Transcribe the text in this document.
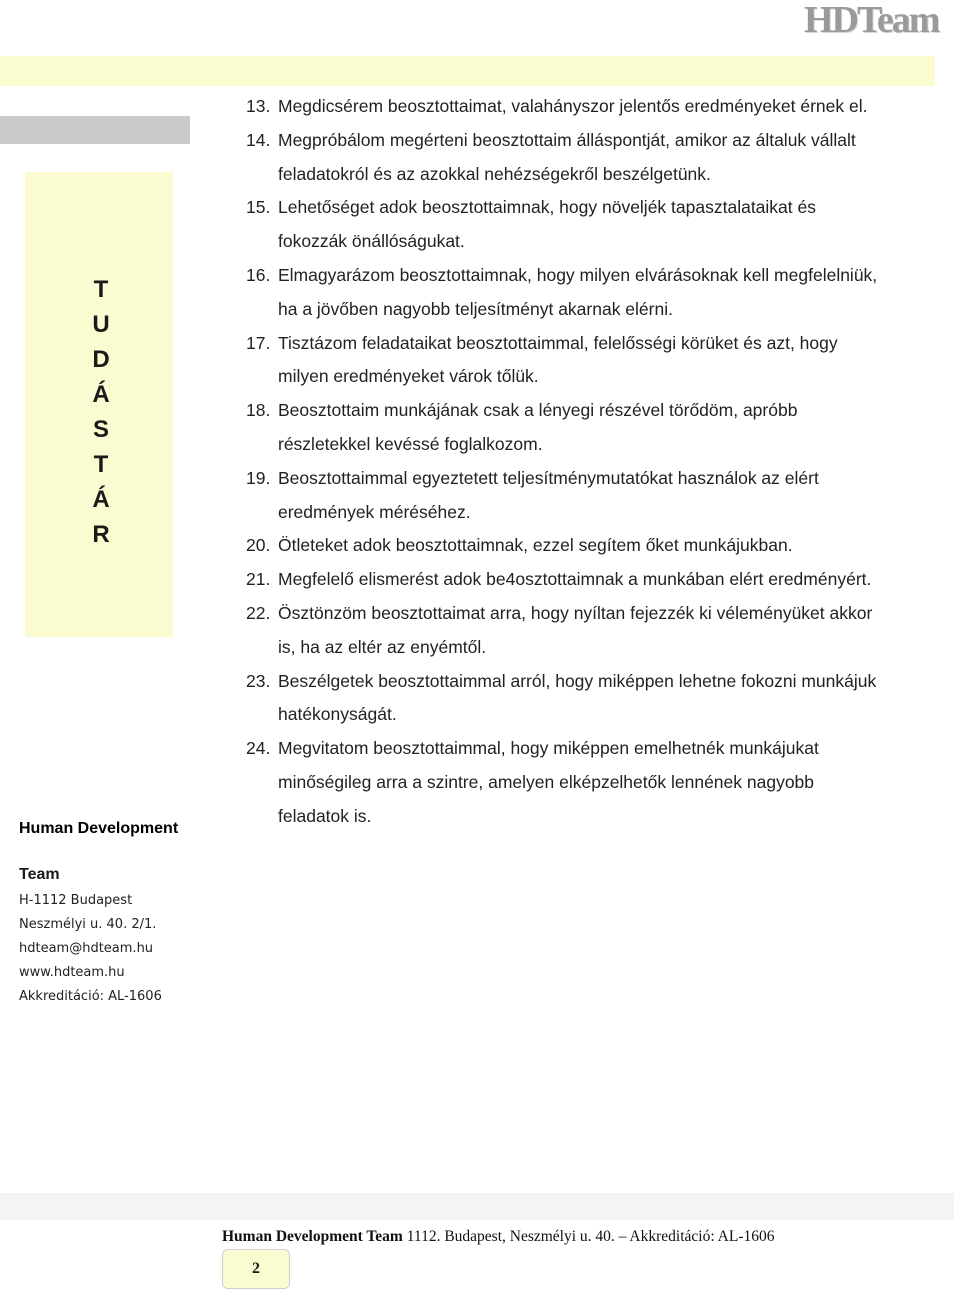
HDTeam
T
U
D
Á
S
T
Á
R
Human Development
Team
H-1112 Budapest
Neszmélyi u. 40. 2/1.
hdteam@hdteam.hu
www.hdteam.hu
Akkreditáció: AL-1606
13. Megdicsérem beosztottaimat, valahányszor jelentős eredményeket érnek el.
14. Megpróbálom megérteni beosztottaim álláspontját, amikor az általuk vállalt feladatokról és az azokkal nehézségekről beszélgetünk.
15. Lehetőséget adok beosztottaimnak, hogy növeljék tapasztalataikat és fokozzák önállóságukat.
16. Elmagyarázom beosztottaimnak, hogy milyen elvárásoknak kell megfelelniük, ha a jövőben nagyobb teljesítményt akarnak elérni.
17. Tisztázom feladataikat beosztottaimmal, felelősségi körüket és azt, hogy milyen eredményeket várok tőlük.
18. Beosztottaim munkájának csak a lényegi részével törődöm, apróbb részletekkel kevéssé foglalkozom.
19. Beosztottaimmal egyeztetett teljesítménymutatókat használok az elért eredmények méréséhez.
20. Ötleteket adok beosztottaimnak, ezzel segítem őket munkájukban.
21. Megfelelő elismerést adok be4osztottaimnak a munkában elért eredményért.
22. Ösztönzöm beosztottaimat arra, hogy nyíltan fejezzék ki véleményüket akkor is, ha az eltér az enyémtől.
23. Beszélgetek beosztottaimmal arról, hogy miképpen lehetne fokozni munkájuk hatékonyságát.
24. Megvitatom beosztottaimmal, hogy miképpen emelhetnék munkájukat minőségileg arra a szintre, amelyen elképzelhetők lennének nagyobb feladatok is.
Human Development Team 1112. Budapest, Neszmélyi u. 40. – Akkreditáció: AL-1606
2
